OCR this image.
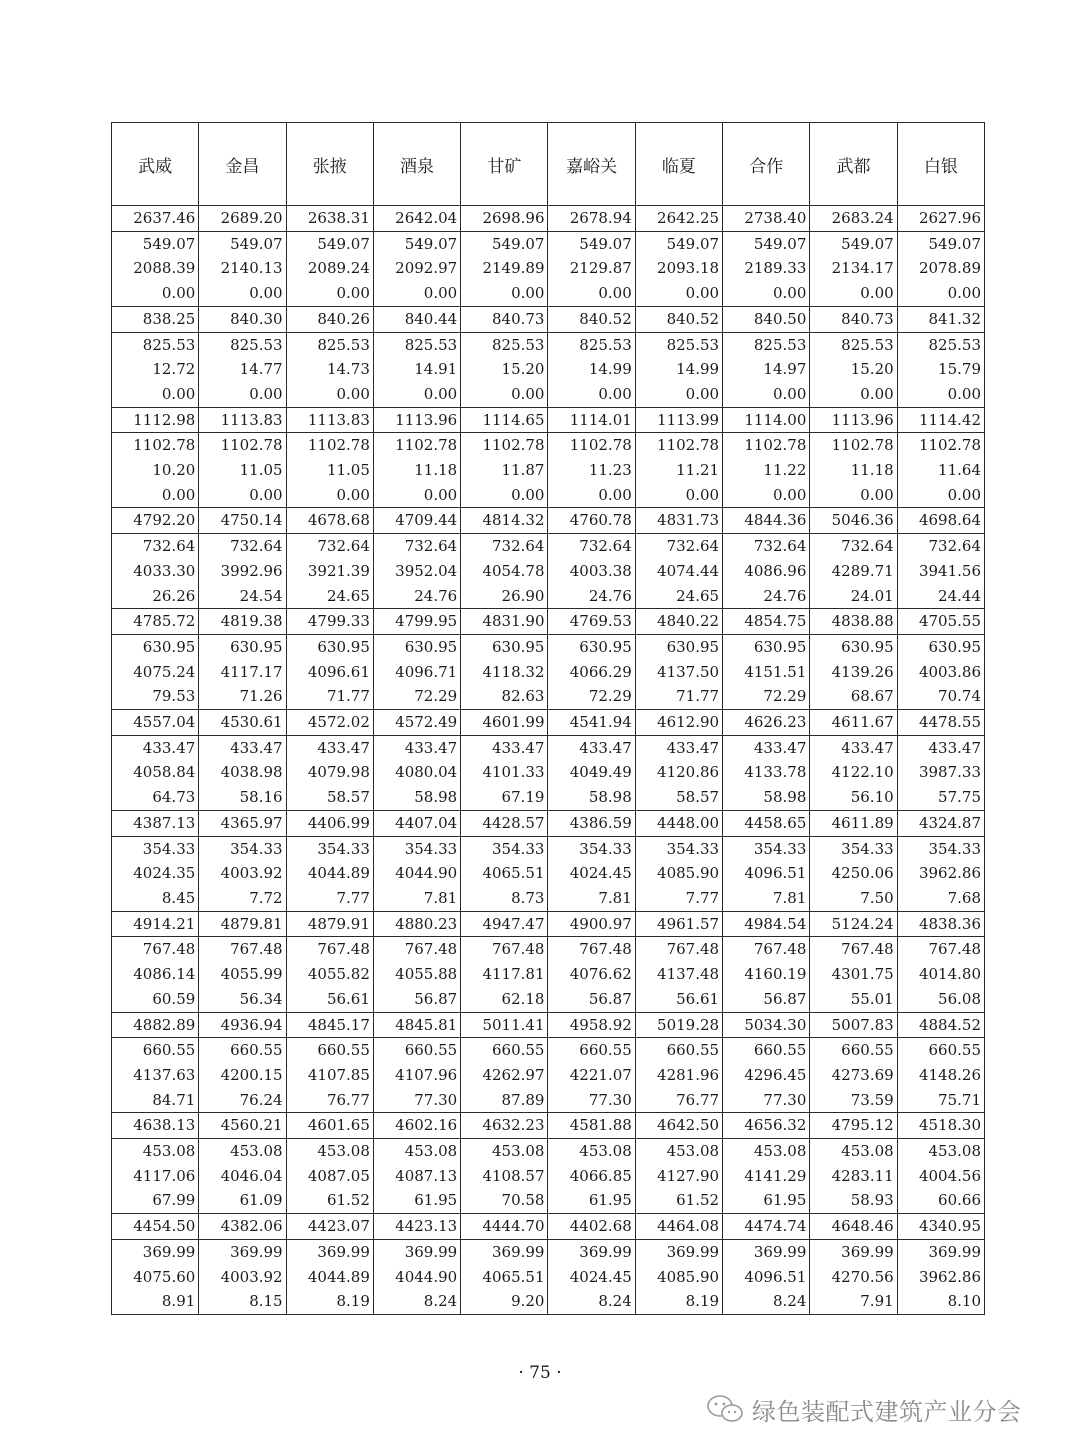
武威	金昌	张掖	酒泉	甘矿	嘉峪关	临夏	合作	武都	白银
2637.46	2689.20	2638.31	2642.04	2698.96	2678.94	2642.25	2738.40	2683.24	2627.96
549.07	549.07	549.07	549.07	549.07	549.07	549.07	549.07	549.07	549.07
2088.39	2140.13	2089.24	2092.97	2149.89	2129.87	2093.18	2189.33	2134.17	2078.89
0.00	0.00	0.00	0.00	0.00	0.00	0.00	0.00	0.00	0.00
838.25	840.30	840.26	840.44	840.73	840.52	840.52	840.50	840.73	841.32
825.53	825.53	825.53	825.53	825.53	825.53	825.53	825.53	825.53	825.53
12.72	14.77	14.73	14.91	15.20	14.99	14.99	14.97	15.20	15.79
0.00	0.00	0.00	0.00	0.00	0.00	0.00	0.00	0.00	0.00
1112.98	1113.83	1113.83	1113.96	1114.65	1114.01	1113.99	1114.00	1113.96	1114.42
1102.78	1102.78	1102.78	1102.78	1102.78	1102.78	1102.78	1102.78	1102.78	1102.78
10.20	11.05	11.05	11.18	11.87	11.23	11.21	11.22	11.18	11.64
0.00	0.00	0.00	0.00	0.00	0.00	0.00	0.00	0.00	0.00
4792.20	4750.14	4678.68	4709.44	4814.32	4760.78	4831.73	4844.36	5046.36	4698.64
732.64	732.64	732.64	732.64	732.64	732.64	732.64	732.64	732.64	732.64
4033.30	3992.96	3921.39	3952.04	4054.78	4003.38	4074.44	4086.96	4289.71	3941.56
26.26	24.54	24.65	24.76	26.90	24.76	24.65	24.76	24.01	24.44
4785.72	4819.38	4799.33	4799.95	4831.90	4769.53	4840.22	4854.75	4838.88	4705.55
630.95	630.95	630.95	630.95	630.95	630.95	630.95	630.95	630.95	630.95
4075.24	4117.17	4096.61	4096.71	4118.32	4066.29	4137.50	4151.51	4139.26	4003.86
79.53	71.26	71.77	72.29	82.63	72.29	71.77	72.29	68.67	70.74
4557.04	4530.61	4572.02	4572.49	4601.99	4541.94	4612.90	4626.23	4611.67	4478.55
433.47	433.47	433.47	433.47	433.47	433.47	433.47	433.47	433.47	433.47
4058.84	4038.98	4079.98	4080.04	4101.33	4049.49	4120.86	4133.78	4122.10	3987.33
64.73	58.16	58.57	58.98	67.19	58.98	58.57	58.98	56.10	57.75
4387.13	4365.97	4406.99	4407.04	4428.57	4386.59	4448.00	4458.65	4611.89	4324.87
354.33	354.33	354.33	354.33	354.33	354.33	354.33	354.33	354.33	354.33
4024.35	4003.92	4044.89	4044.90	4065.51	4024.45	4085.90	4096.51	4250.06	3962.86
8.45	7.72	7.77	7.81	8.73	7.81	7.77	7.81	7.50	7.68
4914.21	4879.81	4879.91	4880.23	4947.47	4900.97	4961.57	4984.54	5124.24	4838.36
767.48	767.48	767.48	767.48	767.48	767.48	767.48	767.48	767.48	767.48
4086.14	4055.99	4055.82	4055.88	4117.81	4076.62	4137.48	4160.19	4301.75	4014.80
60.59	56.34	56.61	56.87	62.18	56.87	56.61	56.87	55.01	56.08
4882.89	4936.94	4845.17	4845.81	5011.41	4958.92	5019.28	5034.30	5007.83	4884.52
660.55	660.55	660.55	660.55	660.55	660.55	660.55	660.55	660.55	660.55
4137.63	4200.15	4107.85	4107.96	4262.97	4221.07	4281.96	4296.45	4273.69	4148.26
84.71	76.24	76.77	77.30	87.89	77.30	76.77	77.30	73.59	75.71
4638.13	4560.21	4601.65	4602.16	4632.23	4581.88	4642.50	4656.32	4795.12	4518.30
453.08	453.08	453.08	453.08	453.08	453.08	453.08	453.08	453.08	453.08
4117.06	4046.04	4087.05	4087.13	4108.57	4066.85	4127.90	4141.29	4283.11	4004.56
67.99	61.09	61.52	61.95	70.58	61.95	61.52	61.95	58.93	60.66
4454.50	4382.06	4423.07	4423.13	4444.70	4402.68	4464.08	4474.74	4648.46	4340.95
369.99	369.99	369.99	369.99	369.99	369.99	369.99	369.99	369.99	369.99
4075.60	4003.92	4044.89	4044.90	4065.51	4024.45	4085.90	4096.51	4270.56	3962.86
8.91	8.15	8.19	8.24	9.20	8.24	8.19	8.24	7.91	8.10
· 75 ·
绿色装配式建筑产业分会
